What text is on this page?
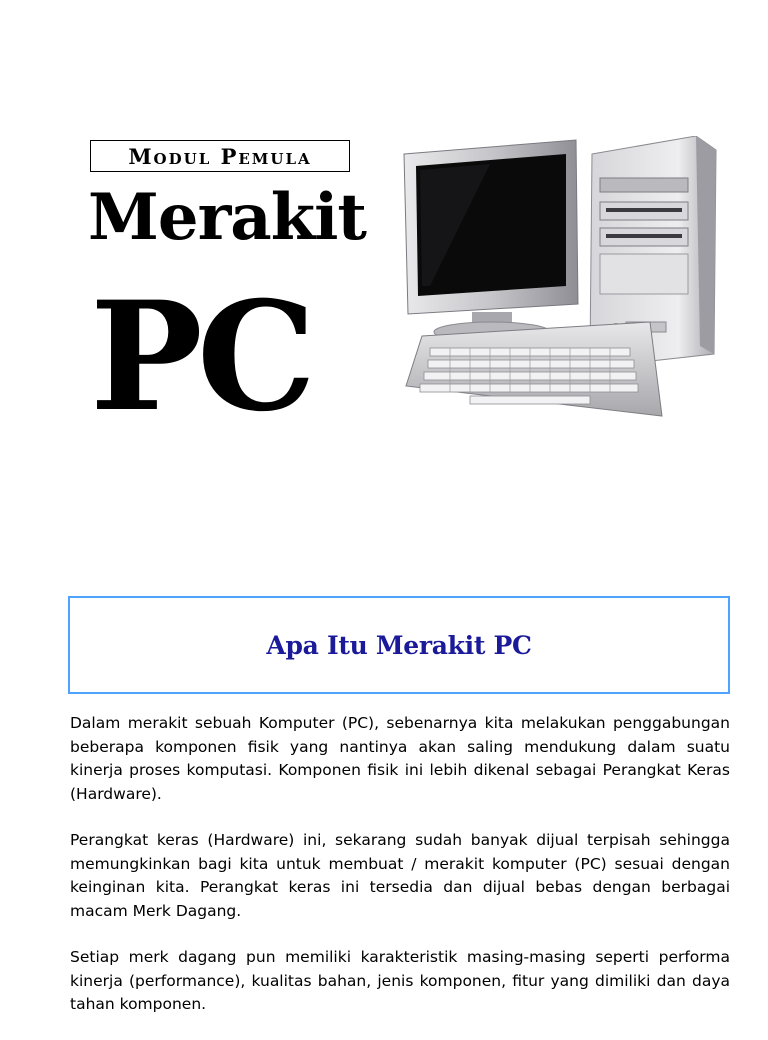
Modul Pemula
Merakit
PC
Apa Itu Merakit PC

Dalam merakit sebuah Komputer (PC), sebenarnya kita melakukan penggabungan beberapa komponen fisik yang nantinya akan saling mendukung dalam suatu kinerja proses komputasi. Komponen fisik ini lebih dikenal sebagai Perangkat Keras (Hardware).

Perangkat keras (Hardware) ini, sekarang sudah banyak dijual terpisah sehingga memungkinkan bagi kita untuk membuat / merakit komputer (PC) sesuai dengan keinginan kita. Perangkat keras ini tersedia dan dijual bebas dengan berbagai macam Merk Dagang.

Setiap merk dagang pun memiliki karakteristik masing-masing seperti performa kinerja (performance), kualitas bahan, jenis komponen, fitur yang dimiliki dan daya tahan komponen.
